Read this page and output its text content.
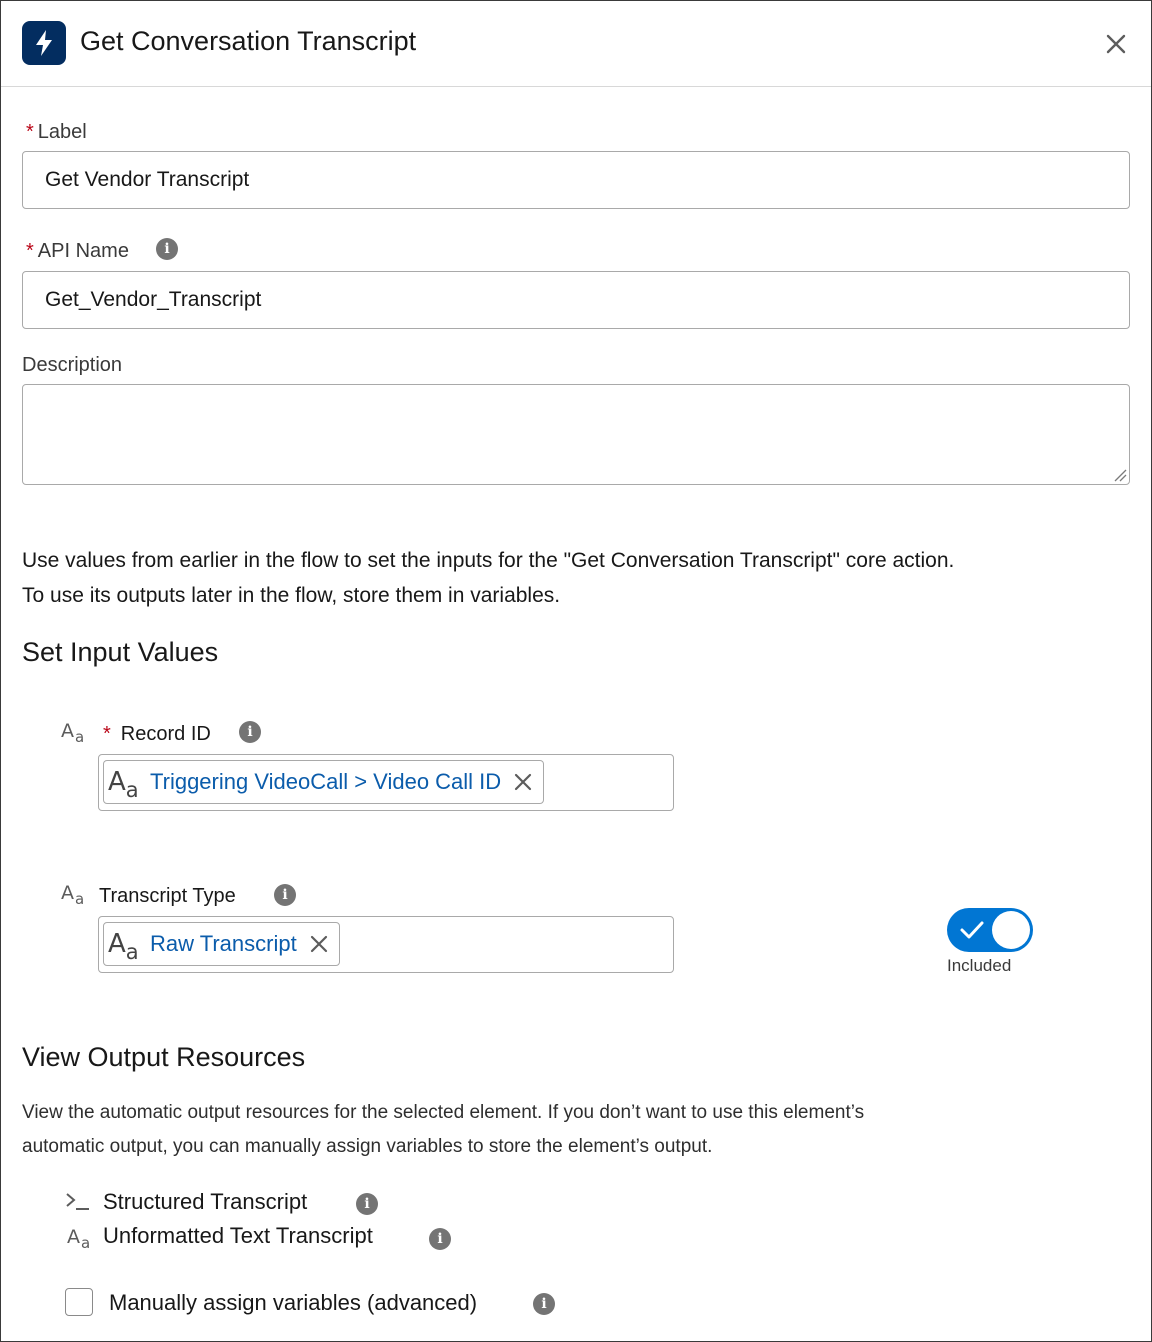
Get Conversation Transcript
* Label
Get Vendor Transcript
* API Name	i
Get_Vendor_Transcript
Description
Use values from earlier in the flow to set the inputs for the "Get Conversation Transcript" core action.
To use its outputs later in the flow, store them in variables.
Set Input Values
Aa * Record ID	i
Aa Triggering VideoCall > Video Call ID
Aa Transcript Type	i
Aa Raw Transcript
Included
View Output Resources
View the automatic output resources for the selected element. If you don’t want to use this element’s
automatic output, you can manually assign variables to store the element’s output.
Structured Transcript	i
$A_a$ Unformatted Text Transcript	i
Manually assign variables (advanced)	i
